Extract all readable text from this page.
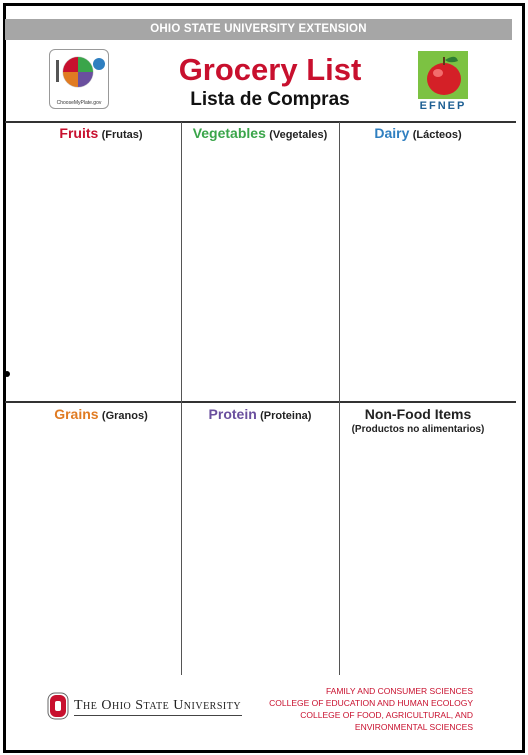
OHIO STATE UNIVERSITY EXTENSION
ChooseMyPlate.gov
Grocery List
Lista de Compras	EFNEP
Fruits (Frutas)	Vegetables (Vegetales)	Dairy (Lácteos)
Grains (Granos)	Protein (Proteina)	Non-Food Items
(Productos no alimentarios)
The Ohio State University
FAMILY AND CONSUMER SCIENCES
COLLEGE OF EDUCATION AND HUMAN ECOLOGY
COLLEGE OF FOOD, AGRICULTURAL, AND
ENVIRONMENTAL SCIENCES
